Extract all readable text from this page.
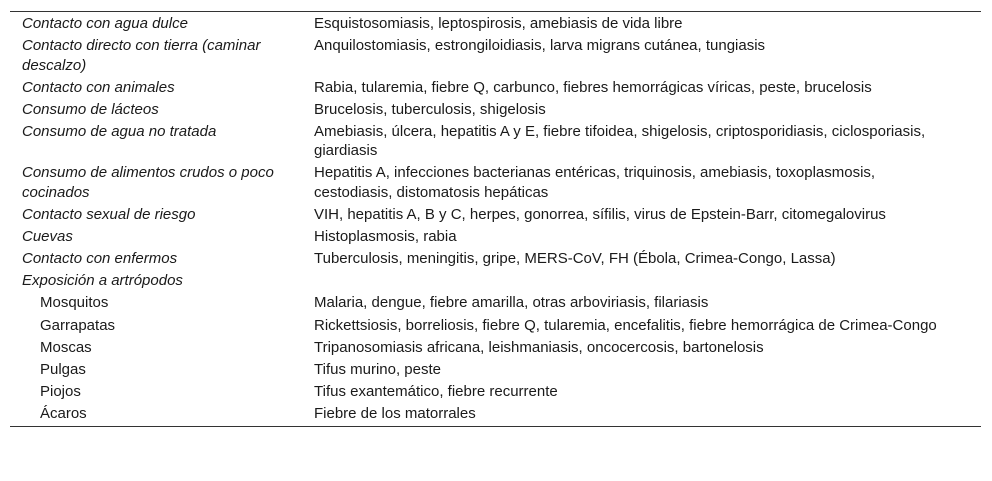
Contacto con agua dulce	Esquistosomiasis, leptospirosis, amebiasis de vida libre
Contacto directo con tierra (caminar descalzo)	Anquilostomiasis, estrongiloidiasis, larva migrans cutánea, tungiasis
Contacto con animales	Rabia, tularemia, fiebre Q, carbunco, fiebres hemorrágicas víricas, peste, brucelosis
Consumo de lácteos	Brucelosis, tuberculosis, shigelosis
Consumo de agua no tratada	Amebiasis, úlcera, hepatitis A y E, fiebre tifoidea, shigelosis, criptosporidiasis, ciclosporiasis, giardiasis
Consumo de alimentos crudos o poco cocinados	Hepatitis A, infecciones bacterianas entéricas, triquinosis, amebiasis, toxoplasmosis, cestodiasis, distomatosis hepáticas
Contacto sexual de riesgo	VIH, hepatitis A, B y C, herpes, gonorrea, sífilis, virus de Epstein-Barr, citomegalovirus
Cuevas	Histoplasmosis, rabia
Contacto con enfermos	Tuberculosis, meningitis, gripe, MERS-CoV, FH (Ébola, Crimea-Congo, Lassa)
Exposición a artrópodos	
Mosquitos	Malaria, dengue, fiebre amarilla, otras arboviriasis, filariasis
Garrapatas	Rickettsiosis, borreliosis, fiebre Q, tularemia, encefalitis, fiebre hemorrágica de Crimea-Congo
Moscas	Tripanosomiasis africana, leishmaniasis, oncocercosis, bartonelosis
Pulgas	Tifus murino, peste
Piojos	Tifus exantemático, fiebre recurrente
Ácaros	Fiebre de los matorrales
